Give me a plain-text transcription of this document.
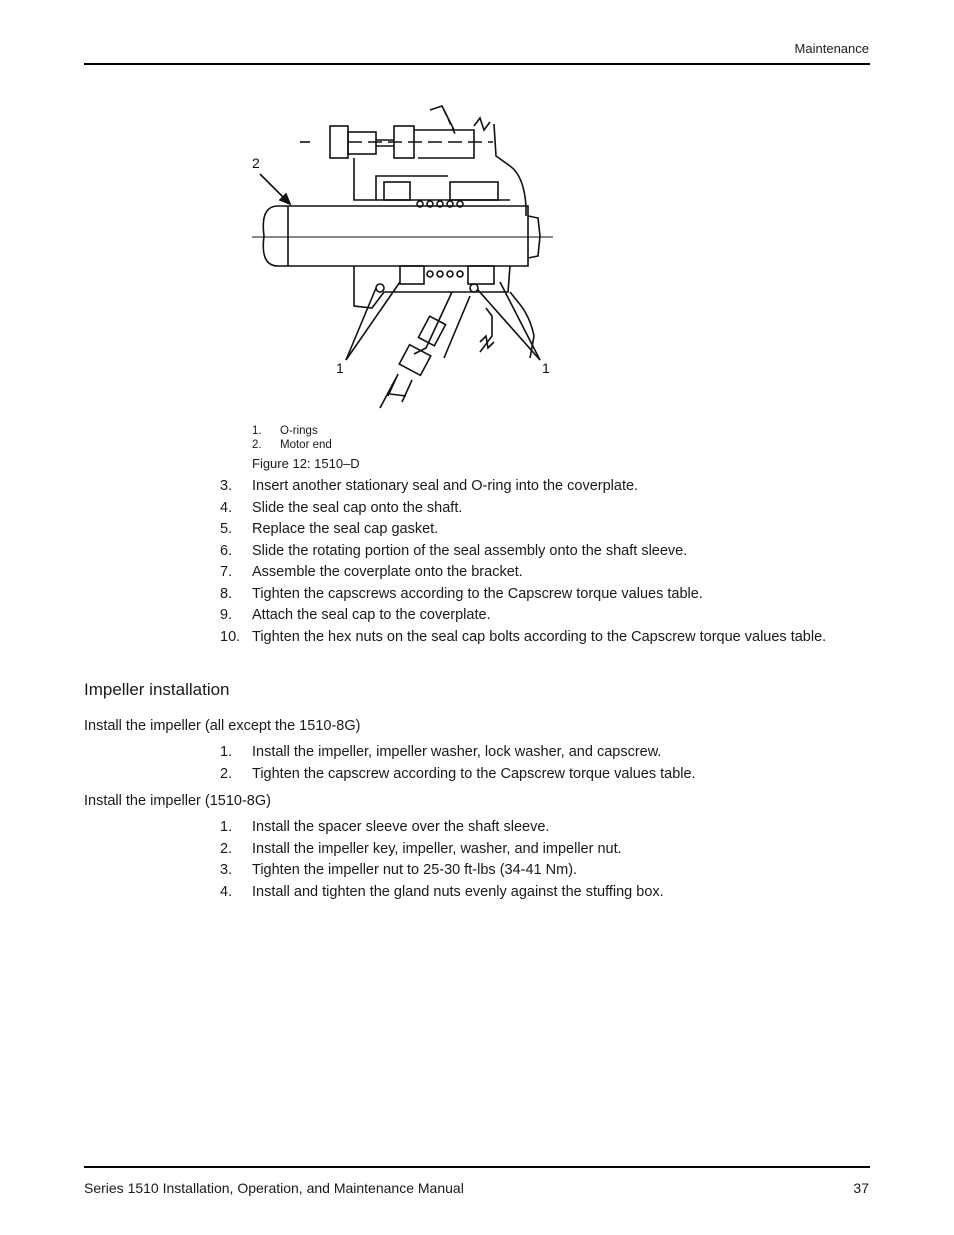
Maintenance
2
1	1
1.	O-rings
2.	Motor end
Figure 12: 1510–D
3.	Insert another stationary seal and O-ring into the coverplate.
4.	Slide the seal cap onto the shaft.
5.	Replace the seal cap gasket.
6.	Slide the rotating portion of the seal assembly onto the shaft sleeve.
7.	Assemble the coverplate onto the bracket.
8.	Tighten the capscrews according to the Capscrew torque values table.
9.	Attach the seal cap to the coverplate.
10. Tighten the hex nuts on the seal cap bolts according to the Capscrew torque values table.
Impeller installation
Install the impeller (all except the 1510-8G)
1.	Install the impeller, impeller washer, lock washer, and capscrew.
2.	Tighten the capscrew according to the Capscrew torque values table.
Install the impeller (1510-8G)
1.	Install the spacer sleeve over the shaft sleeve.
2.	Install the impeller key, impeller, washer, and impeller nut.
3.	Tighten the impeller nut to 25-30 ft-lbs (34-41 Nm).
4.	Install and tighten the gland nuts evenly against the stuffing box.
Series 1510 Installation, Operation, and Maintenance Manual	37
